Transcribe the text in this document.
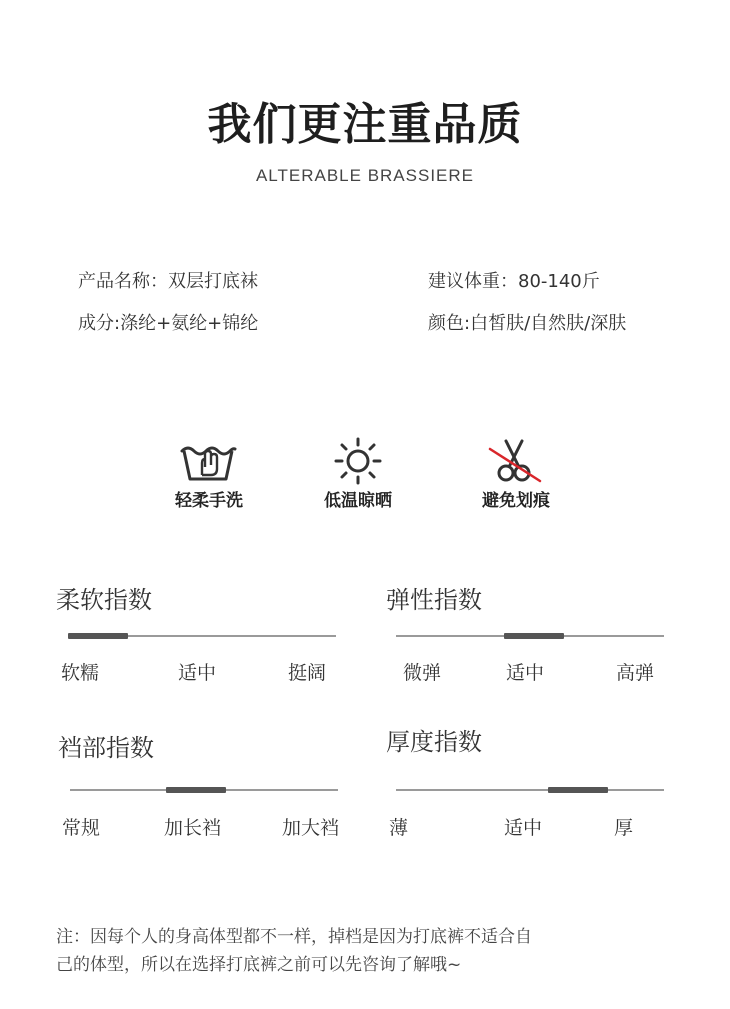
我们更注重品质
ALTERABLE BRASSIERE
产品名称：双层打底袜	建议体重：80-140斤
成分:涤纶+氨纶+锦纶	颜色:白皙肤/自然肤/深肤
轻柔手洗	低温晾晒	避免划痕
柔软指数
软糯	适中	挺阔
弹性指数
微弹	适中	高弹
裆部指数
常规	加长裆	加大裆
厚度指数
薄	适中	厚
注：因每个人的身高体型都不一样，掉档是因为打底裤不适合自
己的体型，所以在选择打底裤之前可以先咨询了解哦~
